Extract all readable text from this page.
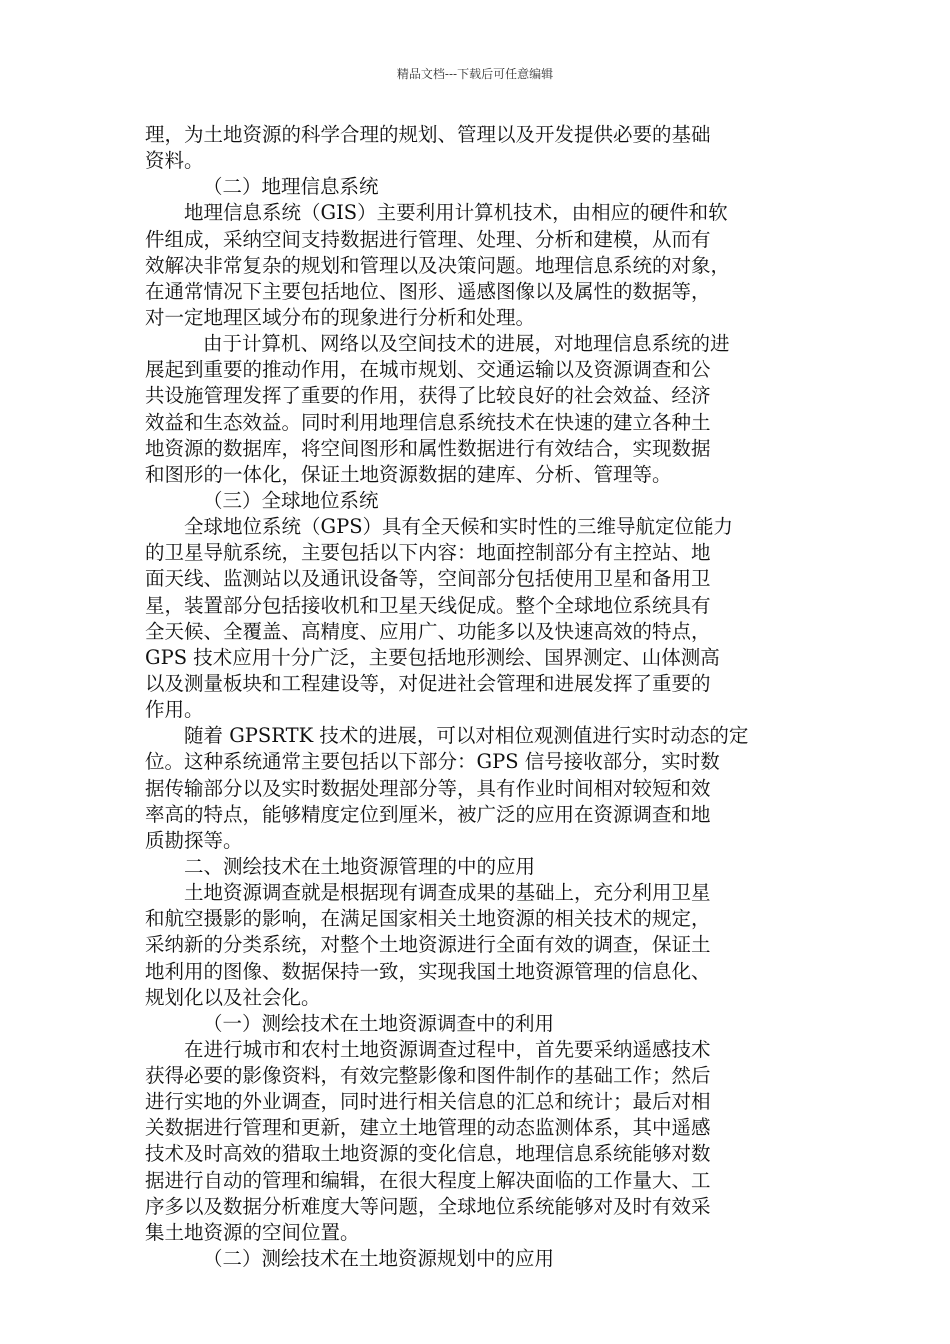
精品文档---下载后可任意编辑
理，为土地资源的科学合理的规划、管理以及开发提供必要的基础
资料。
（二）地理信息系统
地理信息系统（GIS）主要利用计算机技术，由相应的硬件和软
件组成，采纳空间支持数据进行管理、处理、分析和建模，从而有
效解决非常复杂的规划和管理以及决策问题。地理信息系统的对象，
在通常情况下主要包括地位、图形、遥感图像以及属性的数据等，
对一定地理区域分布的现象进行分析和处理。
由于计算机、网络以及空间技术的进展，对地理信息系统的进
展起到重要的推动作用，在城市规划、交通运输以及资源调查和公
共设施管理发挥了重要的作用，获得了比较良好的社会效益、经济
效益和生态效益。同时利用地理信息系统技术在快速的建立各种土
地资源的数据库，将空间图形和属性数据进行有效结合，实现数据
和图形的一体化，保证土地资源数据的建库、分析、管理等。
（三）全球地位系统
全球地位系统（GPS）具有全天候和实时性的三维导航定位能力
的卫星导航系统，主要包括以下内容：地面控制部分有主控站、地
面天线、监测站以及通讯设备等，空间部分包括使用卫星和备用卫
星，装置部分包括接收机和卫星天线促成。整个全球地位系统具有
全天候、全覆盖、高精度、应用广、功能多以及快速高效的特点，
GPS 技术应用十分广泛，主要包括地形测绘、国界测定、山体测高
以及测量板块和工程建设等，对促进社会管理和进展发挥了重要的
作用。
随着 GPSRTK 技术的进展，可以对相位观测值进行实时动态的定
位。这种系统通常主要包括以下部分：GPS 信号接收部分，实时数
据传输部分以及实时数据处理部分等，具有作业时间相对较短和效
率高的特点，能够精度定位到厘米，被广泛的应用在资源调查和地
质勘探等。
二、测绘技术在土地资源管理的中的应用
土地资源调查就是根据现有调查成果的基础上，充分利用卫星
和航空摄影的影响，在满足国家相关土地资源的相关技术的规定，
采纳新的分类系统，对整个土地资源进行全面有效的调查，保证土
地利用的图像、数据保持一致，实现我国土地资源管理的信息化、
规划化以及社会化。
（一）测绘技术在土地资源调查中的利用
在进行城市和农村土地资源调查过程中，首先要采纳遥感技术
获得必要的影像资料，有效完整影像和图件制作的基础工作；然后
进行实地的外业调查，同时进行相关信息的汇总和统计；最后对相
关数据进行管理和更新，建立土地管理的动态监测体系，其中遥感
技术及时高效的猎取土地资源的变化信息，地理信息系统能够对数
据进行自动的管理和编辑，在很大程度上解决面临的工作量大、工
序多以及数据分析难度大等问题，全球地位系统能够对及时有效采
集土地资源的空间位置。
（二）测绘技术在土地资源规划中的应用
